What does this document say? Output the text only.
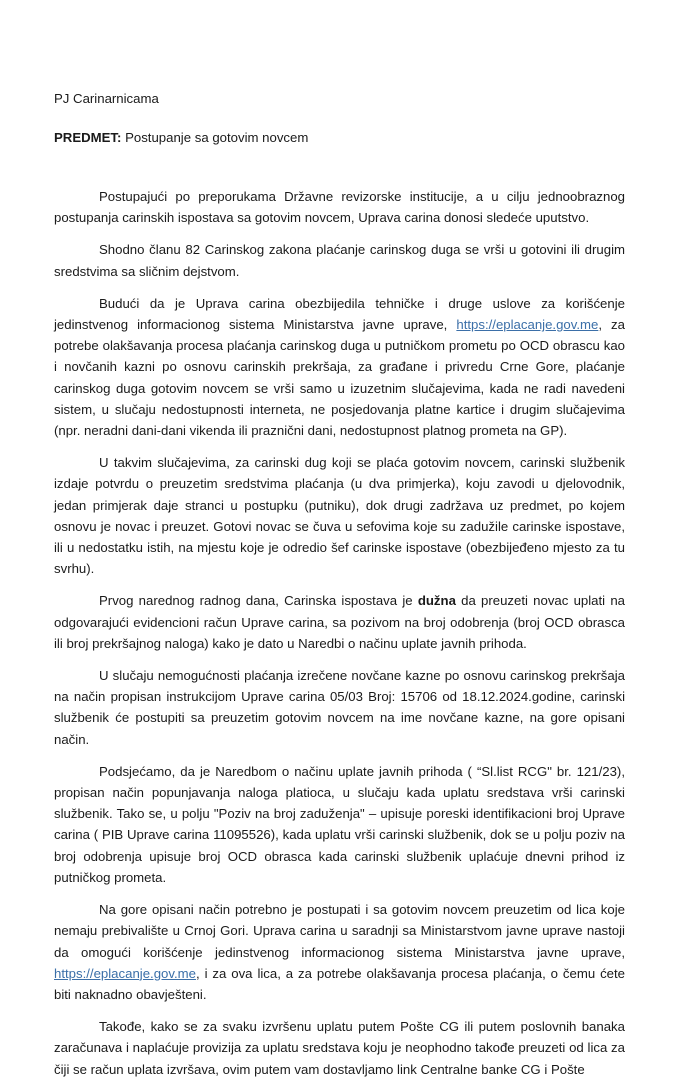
PJ Carinarnicama
PREDMET: Postupanje sa gotovim novcem

Postupajući po preporukama Državne revizorske institucije, a u cilju jednoobraznog postupanja carinskih ispostava sa gotovim novcem, Uprava carina donosi sledeće uputstvo.

Shodno članu 82 Carinskog zakona plaćanje carinskog duga se vrši u gotovini ili drugim sredstvima sa sličnim dejstvom.

Budući da je Uprava carina obezbijedila tehničke i druge uslove za korišćenje jedinstvenog informacionog sistema Ministarstva javne uprave, https://eplacanje.gov.me, za potrebe olakšavanja procesa plaćanja carinskog duga u putničkom prometu po OCD obrascu kao i novčanih kazni po osnovu carinskih prekršaja, za građane i privredu Crne Gore, plaćanje carinskog duga gotovim novcem se vrši samo u izuzetnim slučajevima, kada ne radi navedeni sistem, u slučaju nedostupnosti interneta, ne posjedovanja platne kartice i drugim slučajevima (npr. neradni dani-dani vikenda ili praznični dani, nedostupnost platnog prometa na GP).

U takvim slučajevima, za carinski dug koji se plaća gotovim novcem, carinski službenik izdaje potvrdu o preuzetim sredstvima plaćanja (u dva primjerka), koju zavodi u djelovodnik, jedan primjerak daje stranci u postupku (putniku), dok drugi zadržava uz predmet, po kojem osnovu je novac i preuzet. Gotovi novac se čuva u sefovima koje su zadužile carinske ispostave, ili u nedostatku istih, na mjestu koje je odredio šef carinske ispostave (obezbijeđeno mjesto za tu svrhu).

Prvog narednog radnog dana, Carinska ispostava je dužna da preuzeti novac uplati na odgovarajući evidencioni račun Uprave carina, sa pozivom na broj odobrenja (broj OCD obrasca ili broj prekršajnog naloga) kako je dato u Naredbi o načinu uplate javnih prihoda.

U slučaju nemogućnosti plaćanja izrečene novčane kazne po osnovu carinskog prekršaja na način propisan instrukcijom Uprave carina 05/03 Broj: 15706 od 18.12.2024.godine, carinski službenik će postupiti sa preuzetim gotovim novcem na ime novčane kazne, na gore opisani način.

Podsjećamo, da je Naredbom o načinu uplate javnih prihoda ( “Sl.list RCG" br. 121/23), propisan način popunjavanja naloga platioca, u slučaju kada uplatu sredstava vrši carinski službenik. Tako se, u polju "Poziv na broj zaduženja" – upisuje poreski identifikacioni broj Uprave carina ( PIB Uprave carina 11095526), kada uplatu vrši carinski službenik, dok se u polju poziv na broj odobrenja upisuje broj OCD obrasca kada carinski službenik uplaćuje dnevni prihod iz putničkog prometa.

Na gore opisani način potrebno je postupati i sa gotovim novcem preuzetim od lica koje nemaju prebivalište u Crnoj Gori. Uprava carina u saradnji sa Ministarstvom javne uprave nastoji da omogući korišćenje jedinstvenog informacionog sistema Ministarstva javne uprave, https://eplacanje.gov.me, i za ova lica, a za potrebe olakšavanja procesa plaćanja, o čemu ćete biti naknadno obavješteni.

Takođe, kako se za svaku izvršenu uplatu putem Pošte CG ili putem poslovnih banaka zaračunava i naplaćuje provizija za uplatu sredstava koju je neophodno takođe preuzeti od lica za čiji se račun uplata izvršava, ovim putem vam dostavljamo link Centralne banke CG i Pošte
